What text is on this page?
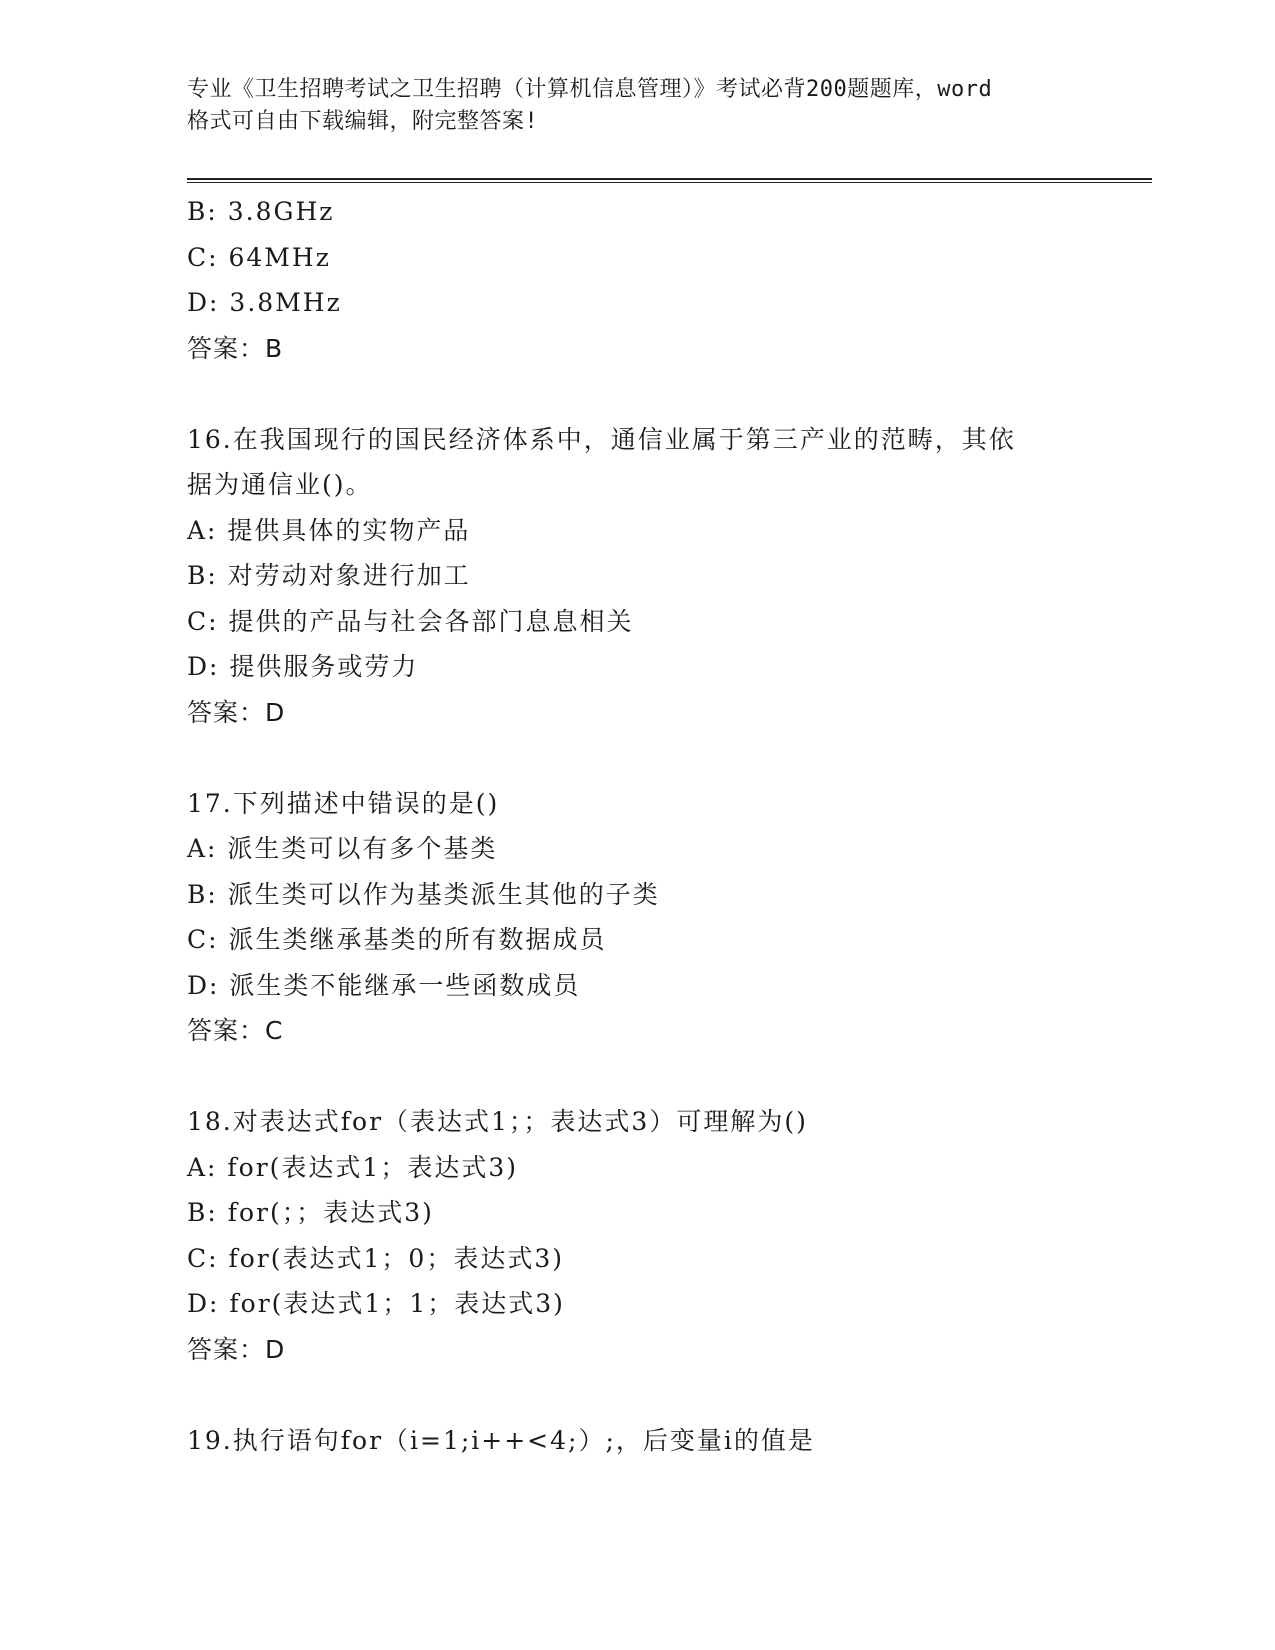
专业《卫生招聘考试之卫生招聘（计算机信息管理）》考试必背200题题库，word
格式可自由下载编辑，附完整答案!
B: 3.8GHz
C: 64MHz
D: 3.8MHz
答案：B
16.在我国现行的国民经济体系中，通信业属于第三产业的范畴，其依
据为通信业()。
A: 提供具体的实物产品
B: 对劳动对象进行加工
C: 提供的产品与社会各部门息息相关
D: 提供服务或劳力
答案：D
17.下列描述中错误的是()
A: 派生类可以有多个基类
B: 派生类可以作为基类派生其他的子类
C: 派生类继承基类的所有数据成员
D: 派生类不能继承一些函数成员
答案：C
18.对表达式for（表达式1；；表达式3）可理解为()
A: for(表达式1；表达式3)
B: for(；；表达式3)
C: for(表达式1；0；表达式3)
D: for(表达式1；1；表达式3)
答案：D
19.执行语句for（i=1;i++<4;）;，后变量i的值是
